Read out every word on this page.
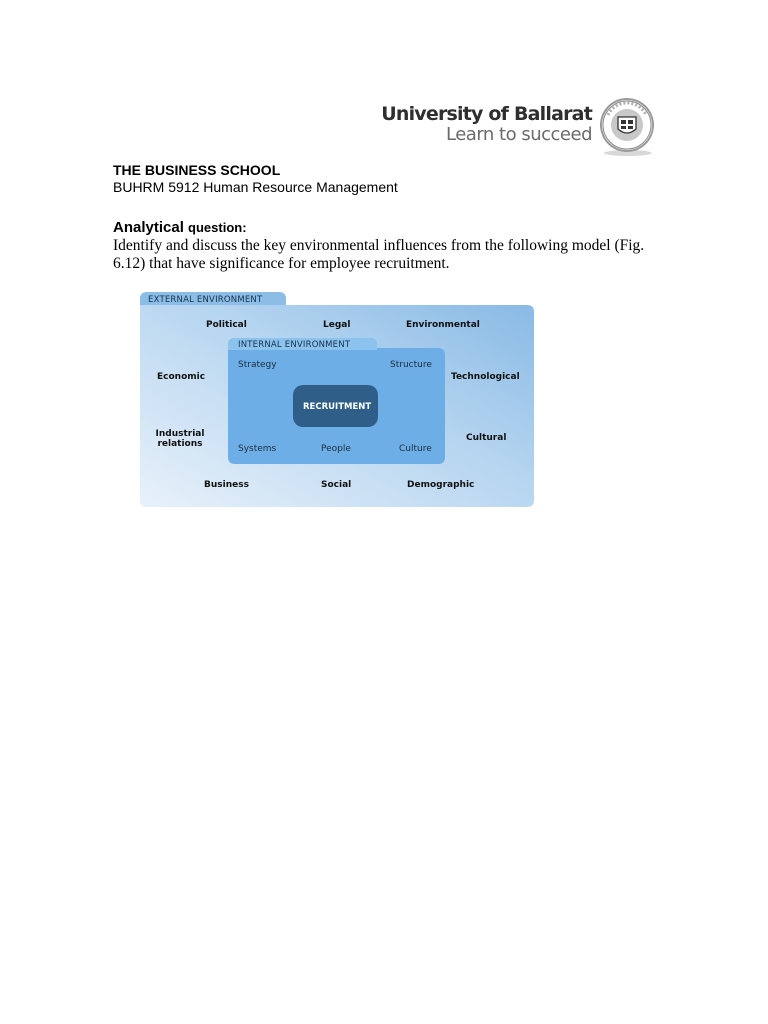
University of Ballarat
Learn to succeed
THE BUSINESS SCHOOL
BUHRM 5912 Human Resource Management
Analytical question:
Identify and discuss the key environmental influences from the following model (Fig. 6.12) that have significance for employee recruitment.
EXTERNAL ENVIRONMENT
INTERNAL ENVIRONMENT
RECRUITMENT
Political	Legal	Environmental
Economic	Technological
Industrial
relations
Cultural
Business	Social	Demographic
Strategy	Structure
Systems	People	Culture
